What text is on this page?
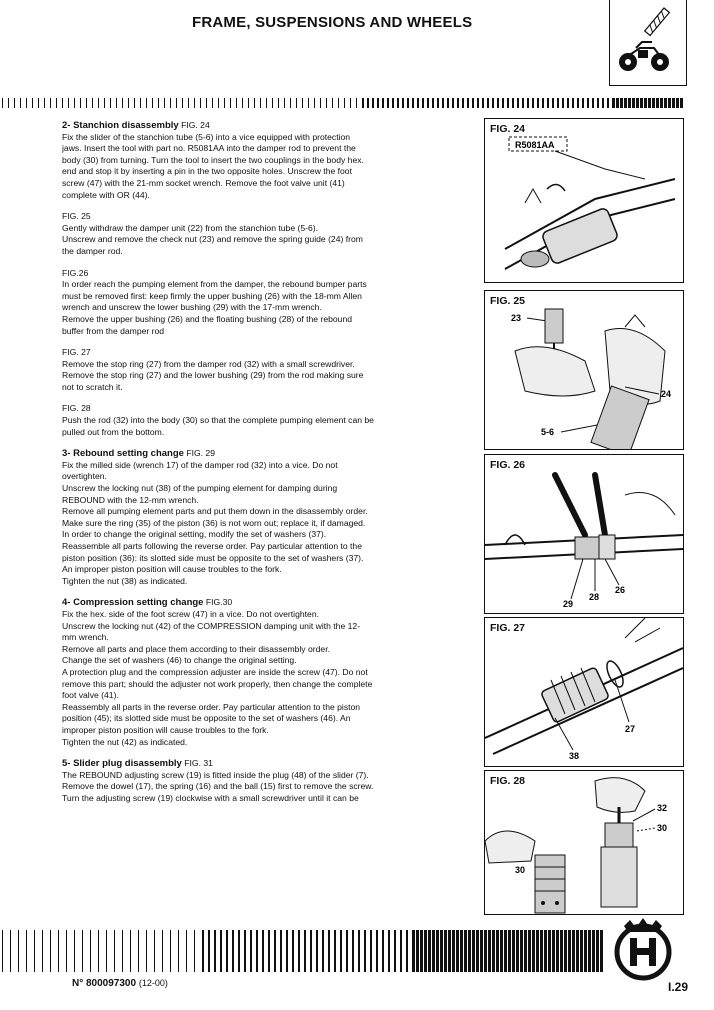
FRAME, SUSPENSIONS AND WHEELS

2- Stanchion disassembly FIG. 24
Fix the slider of the stanchion tube (5-6) into a vice equipped with protection
jaws. Insert the tool with part no. R5081AA into the damper rod to prevent the
body (30) from turning. Turn the tool to insert the two couplings in the body hex.
end and stop it by inserting a pin in the two opposite holes. Unscrew the foot
screw (47) with the 21-mm socket wrench. Remove the foot valve unit (41)
complete with OR (44).

FIG. 25
Gently withdraw the damper unit (22) from the stanchion tube (5-6).
Unscrew and remove the check nut (23) and remove the spring guide (24) from
the damper rod.

FIG.26
In order reach the pumping element from the damper, the rebound bumper parts
must be removed first: keep firmly the upper bushing (26) with the 18-mm Allen
wrench and unscrew the lower bushing (29) with the 17-mm wrench.
Remove the upper bushing (26) and the floating bushing (28) of the rebound
buffer from the damper rod

FIG. 27
Remove the stop ring (27) from the damper rod (32) with a small screwdriver.
Remove the stop ring (27) and the lower bushing (29) from the rod making sure
not to scratch it.

FIG. 28
Push the rod (32) into the body (30) so that the complete pumping element can be
pulled out from the bottom.

3- Rebound setting change FIG. 29
Fix the milled side (wrench 17) of the damper rod (32) into a vice. Do not
overtighten.
Unscrew the locking nut (38) of the pumping element for damping during
REBOUND with the 12-mm wrench.
Remove all pumping element parts and put them down in the disassembly order.
Make sure the ring (35) of the piston (36) is not worn out; replace it, if damaged.
In order to change the original setting, modify the set of washers (37).
Reassemble all parts following the reverse order. Pay particular attention to the
piston position (36): its slotted side must be opposite to the set of washers (37).
An improper piston position will cause troubles to the fork.
Tighten the nut (38) as indicated.

4- Compression setting change FIG.30
Fix the hex. side of the foot screw (47) in a vice. Do not overtighten.
Unscrew the locking nut (42) of the COMPRESSION damping unit with the 12-
mm wrench.
Remove all parts and place them according to their disassembly order.
Change the set of washers (46) to change the original setting.
A protection plug and the compression adjuster are inside the screw (47). Do not
remove this part; should the adjuster not work properly, then change the complete
foot valve (41).
Reassembly all parts in the reverse order. Pay particular attention to the piston
position (45); its slotted side must be opposite to the set of washers (46). An
improper piston position will cause troubles to the fork.
Tighten the nut (42) as indicated.

5- Slider plug disassembly FIG. 31
The REBOUND adjusting screw (19) is fitted inside the plug (48) of the slider (7).
Remove the dowel (17), the spring (16) and the ball (15) first to remove the screw.
Turn the adjusting screw (19) clockwise with a small screwdriver until it can be

FIG. 24
R5081AA
FIG. 25
23
24
5-6
FIG. 26
26
28
29
FIG. 27
27
38
FIG. 28
32
30
30
N° 800097300 (12-00)	I.29
